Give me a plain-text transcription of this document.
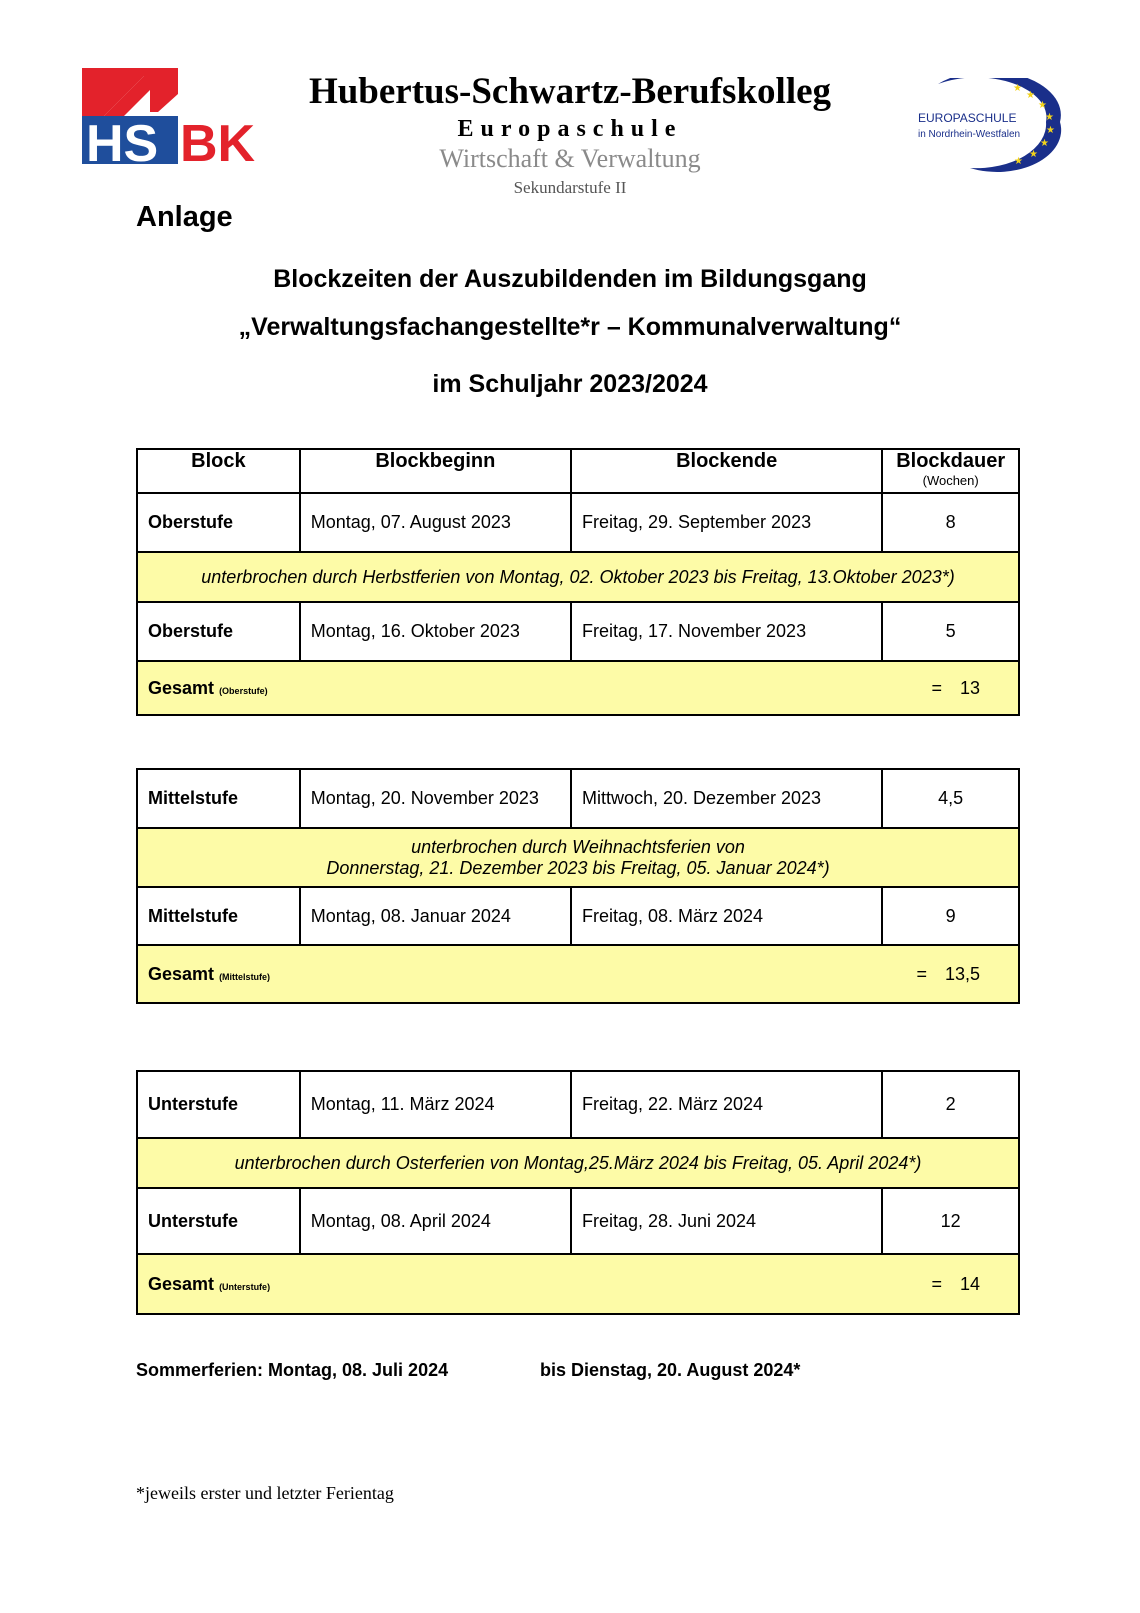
HS BK
Hubertus-Schwartz-Berufskolleg
Europaschule
Wirtschaft & Verwaltung
Sekundarstufe II
★
★
★
★
★
★
★
★
EUROPASCHULE
in Nordrhein-Westfalen
Anlage
Blockzeiten der Auszubildenden im Bildungsgang
„Verwaltungsfachangestellte*r – Kommunalverwaltung“
im Schuljahr 2023/2024
Block	Blockbeginn	Blockende	Blockdauer
(Wochen)

Oberstufe	Montag, 07. August 2023	Freitag, 29. September 2023	8
unterbrochen durch Herbstferien von Montag, 02. Oktober 2023 bis Freitag, 13.Oktober 2023*)			
Oberstufe	Montag, 16. Oktober 2023	Freitag, 17. November 2023	5
Gesamt (Oberstufe) = 13			
Mittelstufe	Montag, 20. November 2023	Mittwoch, 20. Dezember 2023	4,5

unterbrochen durch Weihnachtsferien von
Donnerstag, 21. Dezember 2023 bis Freitag, 05. Januar 2024*)			

Mittelstufe	Montag, 08. Januar 2024	Freitag, 08. März 2024	9
Gesamt (Mittelstufe) = 13,5			
Unterstufe	Montag, 11. März 2024	Freitag, 22. März 2024	2
unterbrochen durch Osterferien von Montag,25.März 2024 bis Freitag, 05. April 2024*)			
Unterstufe	Montag, 08. April 2024	Freitag, 28. Juni 2024	12
Gesamt (Unterstufe) = 14			
Sommerferien: Montag, 08. Juli 2024	bis Dienstag, 20. August 2024*
*jeweils erster und letzter Ferientag
